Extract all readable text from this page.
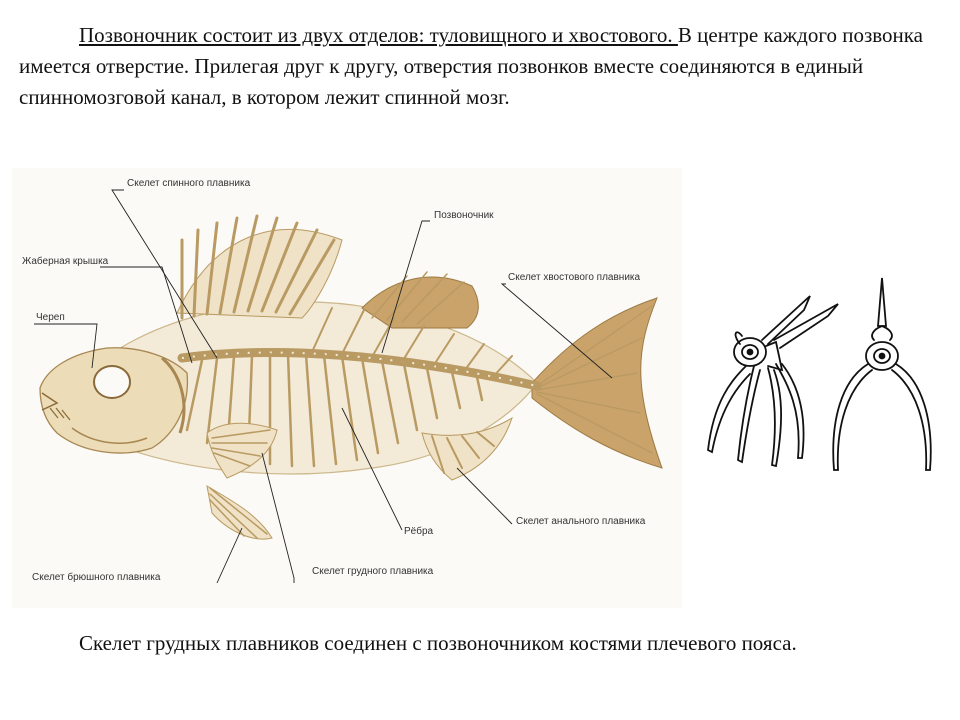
Позвоночник состоит из двух отделов: туловищного и хвостового. В центре каждого позвонка имеется отверстие. Прилегая друг к другу, отверстия позвонков вместе соединяются в единый спинномозговой канал, в котором лежит спинной мозг.

Скелет спинного плавника
Позвоночник
Жаберная крышка
Скелет хвостового плавника
Череп
Рёбра
Скелет анального плавника
Скелет брюшного плавника
Скелет грудного плавника

Скелет грудных плавников соединен с позвоночником костями плечевого пояса.
